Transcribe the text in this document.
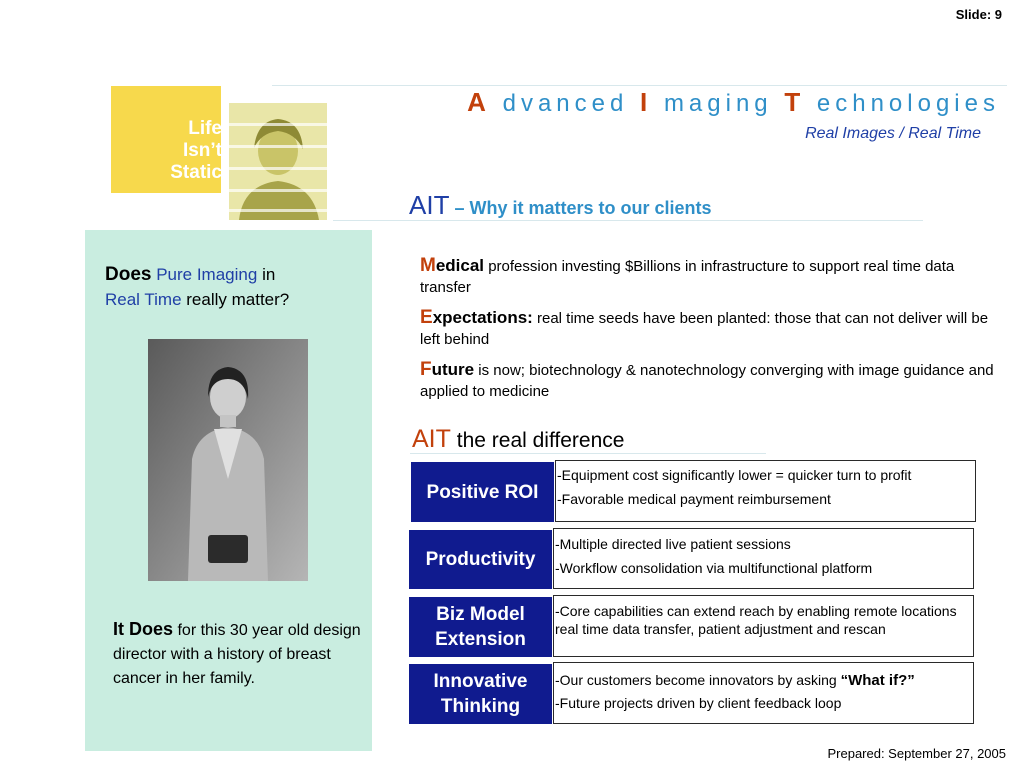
Slide: 9
A dvanced I maging T echnologies
Real Images / Real Time
Life
Isn’t
Static
AIT – Why it matters to our clients
Does Pure Imaging in
Real Time really matter?
It Does for this 30 year old design director with a history of breast cancer in her family.
Medical profession investing $Billions in infrastructure to support real time data transfer
Expectations: real time seeds have been planted: those that can not deliver will be left behind
Future is now; biotechnology & nanotechnology converging with image guidance and applied to medicine
AIT the real difference
Positive ROI
-Equipment cost significantly lower = quicker turn to profit
-Favorable medical payment reimbursement
Productivity
-Multiple directed live patient sessions
-Workflow consolidation via multifunctional platform
Biz Model Extension
-Core capabilities can extend reach by enabling remote locations real time data transfer, patient adjustment and rescan
Innovative Thinking
-Our customers become innovators by asking “What if?”
-Future projects driven by client feedback loop
Prepared: September 27, 2005
